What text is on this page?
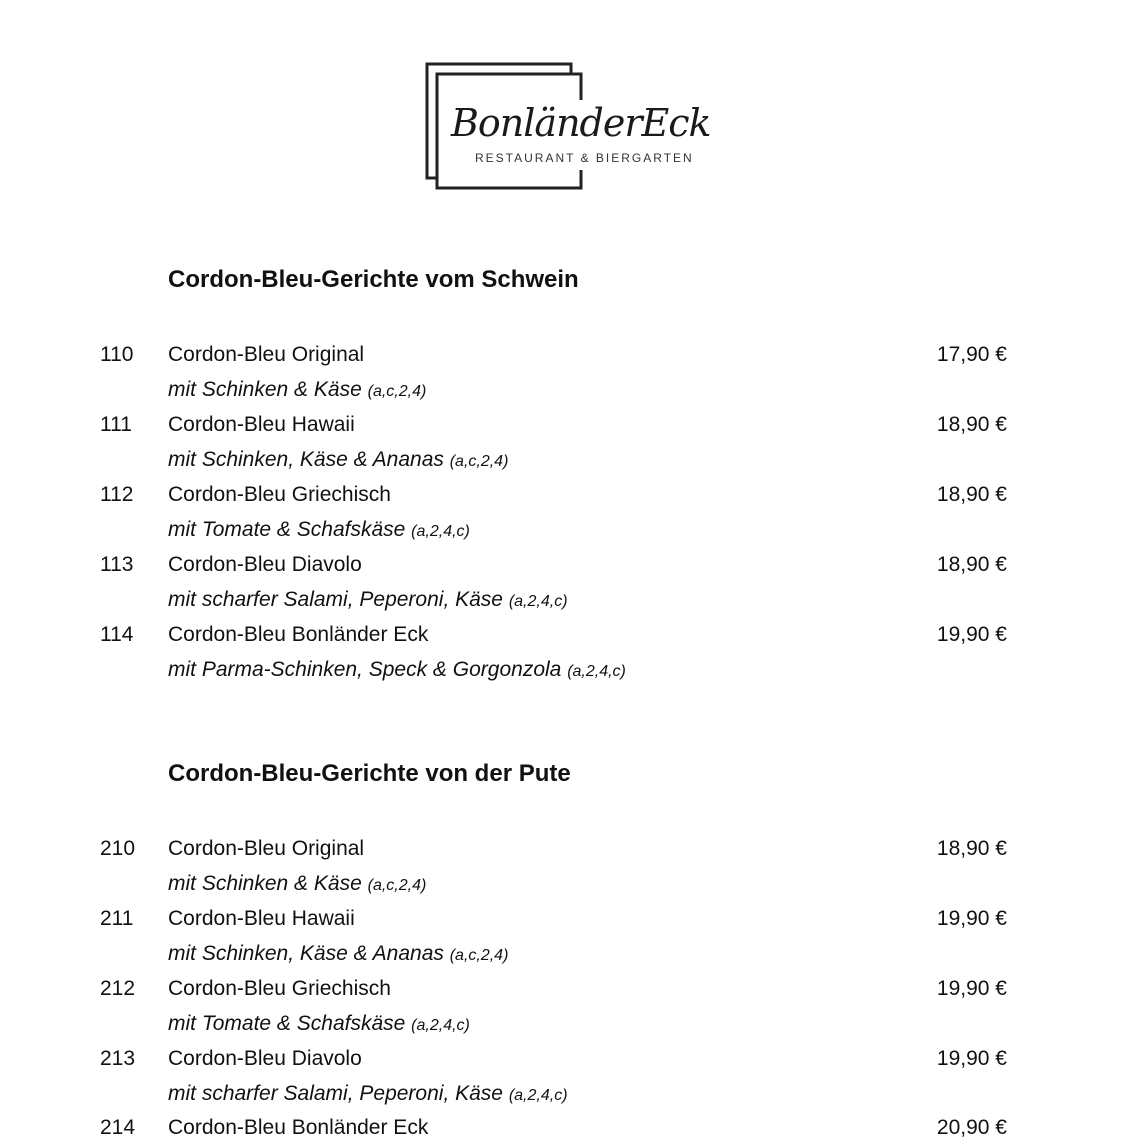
BonländerEck
RESTAURANT & BIERGARTEN
Cordon-Bleu-Gerichte vom Schwein
110 Cordon-Bleu Original	17,90 €
mit Schinken & Käse (a,c,2,4)
111 Cordon-Bleu Hawaii	18,90 €
mit Schinken, Käse & Ananas (a,c,2,4)
112 Cordon-Bleu Griechisch	18,90 €
mit Tomate & Schafskäse (a,2,4,c)
113 Cordon-Bleu Diavolo	18,90 €
mit scharfer Salami, Peperoni, Käse (a,2,4,c)
114 Cordon-Bleu Bonländer Eck	19,90 €
mit Parma-Schinken, Speck & Gorgonzola (a,2,4,c)
Cordon-Bleu-Gerichte von der Pute
210 Cordon-Bleu Original	18,90 €
mit Schinken & Käse (a,c,2,4)
211 Cordon-Bleu Hawaii	19,90 €
mit Schinken, Käse & Ananas (a,c,2,4)
212 Cordon-Bleu Griechisch	19,90 €
mit Tomate & Schafskäse (a,2,4,c)
213 Cordon-Bleu Diavolo	19,90 €
mit scharfer Salami, Peperoni, Käse (a,2,4,c)
214 Cordon-Bleu Bonländer Eck	20,90 €
